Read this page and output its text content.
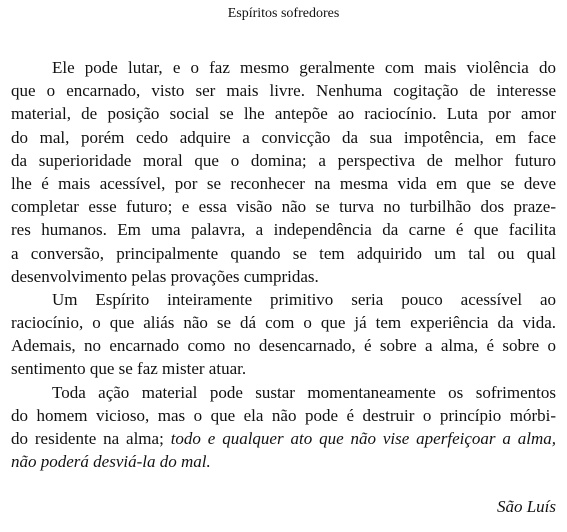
Espíritos sofredores
Ele pode lutar, e o faz mesmo geralmente com mais violência do
que o encarnado, visto ser mais livre. Nenhuma cogitação de interesse
material, de posição social se lhe antepõe ao raciocínio. Luta por amor
do mal, porém cedo adquire a convicção da sua impotência, em face
da superioridade moral que o domina; a perspectiva de melhor futuro
lhe é mais acessível, por se reconhecer na mesma vida em que se deve
completar esse futuro; e essa visão não se turva no turbilhão dos praze-
res humanos. Em uma palavra, a independência da carne é que facilita
a conversão, principalmente quando se tem adquirido um tal ou qual
desenvolvimento pelas provações cumpridas.
Um Espírito inteiramente primitivo seria pouco acessível ao
raciocínio, o que aliás não se dá com o que já tem experiência da vida.
Ademais, no encarnado como no desencarnado, é sobre a alma, é sobre o
sentimento que se faz mister atuar.
Toda ação material pode sustar momentaneamente os sofrimentos
do homem vicioso, mas o que ela não pode é destruir o princípio mórbi-
do residente na alma; todo e qualquer ato que não vise aperfeiçoar a alma,
não poderá desviá-la do mal.
São Luís
